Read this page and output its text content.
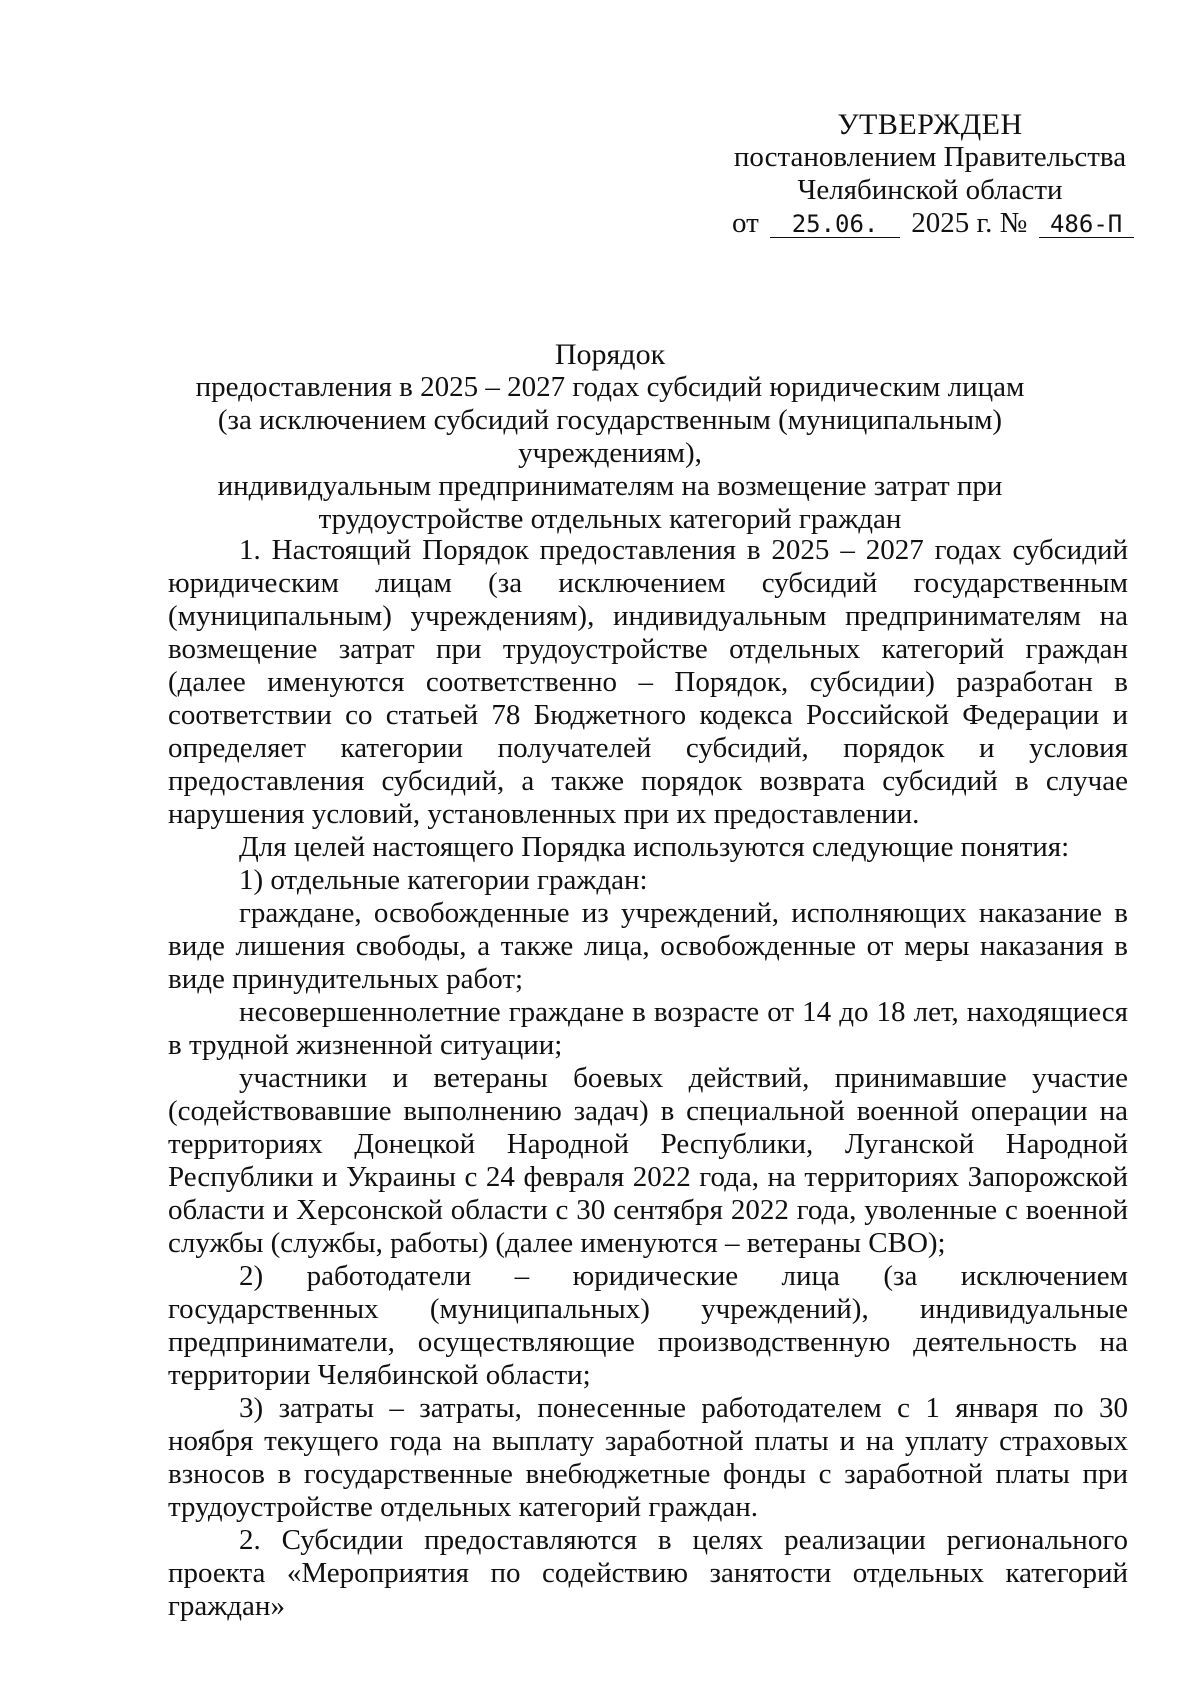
УТВЕРЖДЕН
постановлением Правительства
Челябинской области
от 25.06. 2025 г. № 486-П
Порядок
предоставления в 2025 – 2027 годах субсидий юридическим лицам
(за исключением субсидий государственным (муниципальным) учреждениям),
индивидуальным предпринимателям на возмещение затрат при
трудоустройстве отдельных категорий граждан

1. Настоящий Порядок предоставления в 2025 – 2027 годах субсидий юридическим лицам (за исключением субсидий государственным (муниципальным) учреждениям), индивидуальным предпринимателям на возмещение затрат при трудоустройстве отдельных категорий граждан (далее именуются соответственно – Порядок, субсидии) разработан в соответствии со статьей 78 Бюджетного кодекса Российской Федерации и определяет категории получателей субсидий, порядок и условия предоставления субсидий, а также порядок возврата субсидий в случае нарушения условий, установленных при их предоставлении.

Для целей настоящего Порядка используются следующие понятия:

1) отдельные категории граждан:

граждане, освобожденные из учреждений, исполняющих наказание в виде лишения свободы, а также лица, освобожденные от меры наказания в виде принудительных работ;

несовершеннолетние граждане в возрасте от 14 до 18 лет, находящиеся в трудной жизненной ситуации;

участники и ветераны боевых действий, принимавшие участие (содействовавшие выполнению задач) в специальной военной операции на территориях Донецкой Народной Республики, Луганской Народной Республики и Украины с 24 февраля 2022 года, на территориях Запорожской области и Херсонской области с 30 сентября 2022 года, уволенные с военной службы (службы, работы) (далее именуются – ветераны СВО);

2) работодатели – юридические лица (за исключением государственных (муниципальных) учреждений), индивидуальные предприниматели, осуществляющие производственную деятельность на территории Челябинской области;

3) затраты – затраты, понесенные работодателем с 1 января по 30 ноября текущего года на выплату заработной платы и на уплату страховых взносов в государственные внебюджетные фонды с заработной платы при трудоустройстве отдельных категорий граждан.

2. Субсидии предоставляются в целях реализации регионального проекта «Мероприятия по содействию занятости отдельных категорий граждан»
